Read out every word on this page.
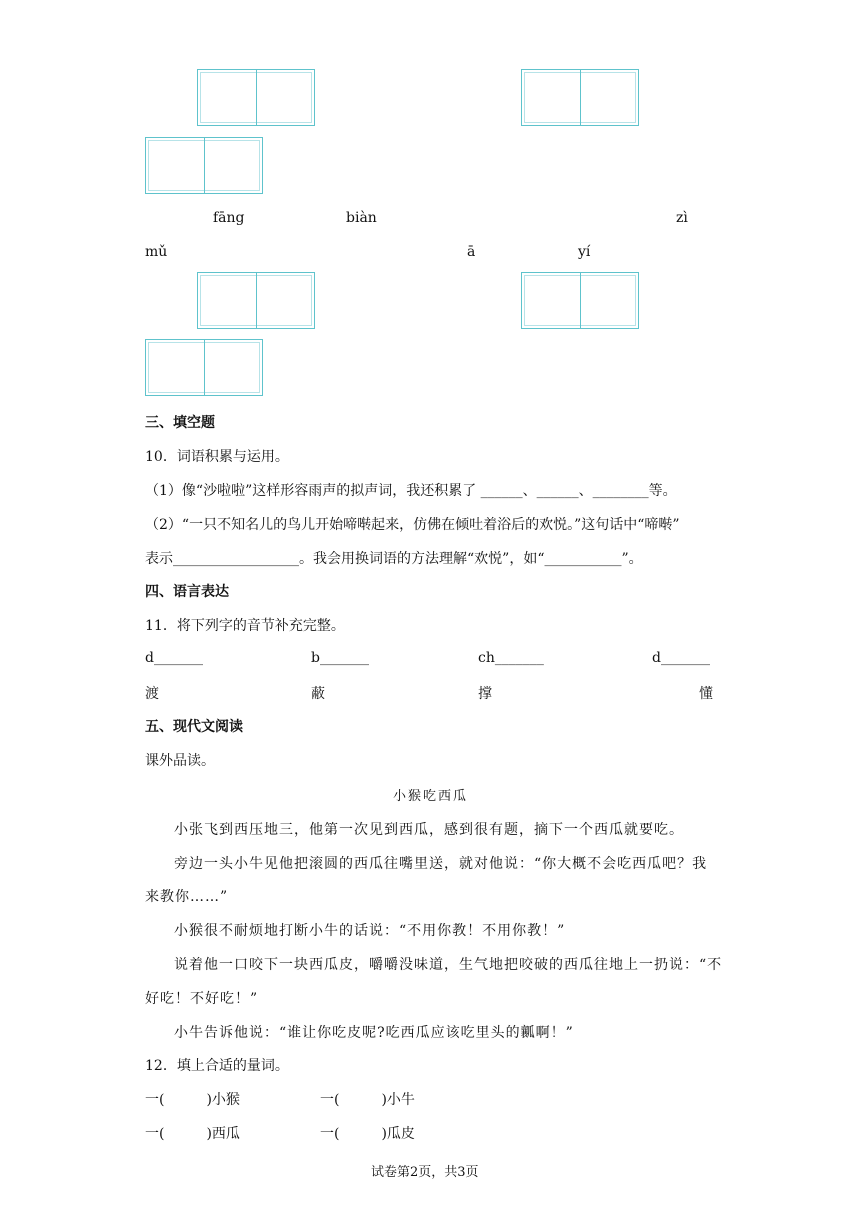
fāng	biàn	zì
mǔ	ā	yí
三、填空题
10．词语积累与运用。
（1）像“沙啦啦”这样形容雨声的拟声词，我还积累了 ______、______、________等。
（2）“一只不知名儿的鸟儿开始啼啭起来，仿佛在倾吐着浴后的欢悦。”这句话中“啼啭”
表示__________________。我会用换词语的方法理解“欢悦”，如“___________”。
四、语言表达
11．将下列字的音节补充完整。
d_______	b_______	ch_______	d_______
渡	蔽	撑	懂
五、现代文阅读
课外品读。
小猴吃西瓜
小张飞到西压地三，他第一次见到西瓜，感到很有题，摘下一个西瓜就要吃。
旁边一头小牛见他把滚圆的西瓜往嘴里送，就对他说：“你大概不会吃西瓜吧？我
来教你……”
小猴很不耐烦地打断小牛的话说：“不用你教！不用你教！”
说着他一口咬下一块西瓜皮，嚼嚼没味道，生气地把咬破的西瓜往地上一扔说：“不
好吃！不好吃！”
小牛告诉他说：“谁让你吃皮呢?吃西瓜应该吃里头的瓤啊！”
12．填上合适的量词。
一(　　　)小猴	一(　　　)小牛
一(　　　)西瓜	一(　　　)瓜皮
试卷第2页，共3页
